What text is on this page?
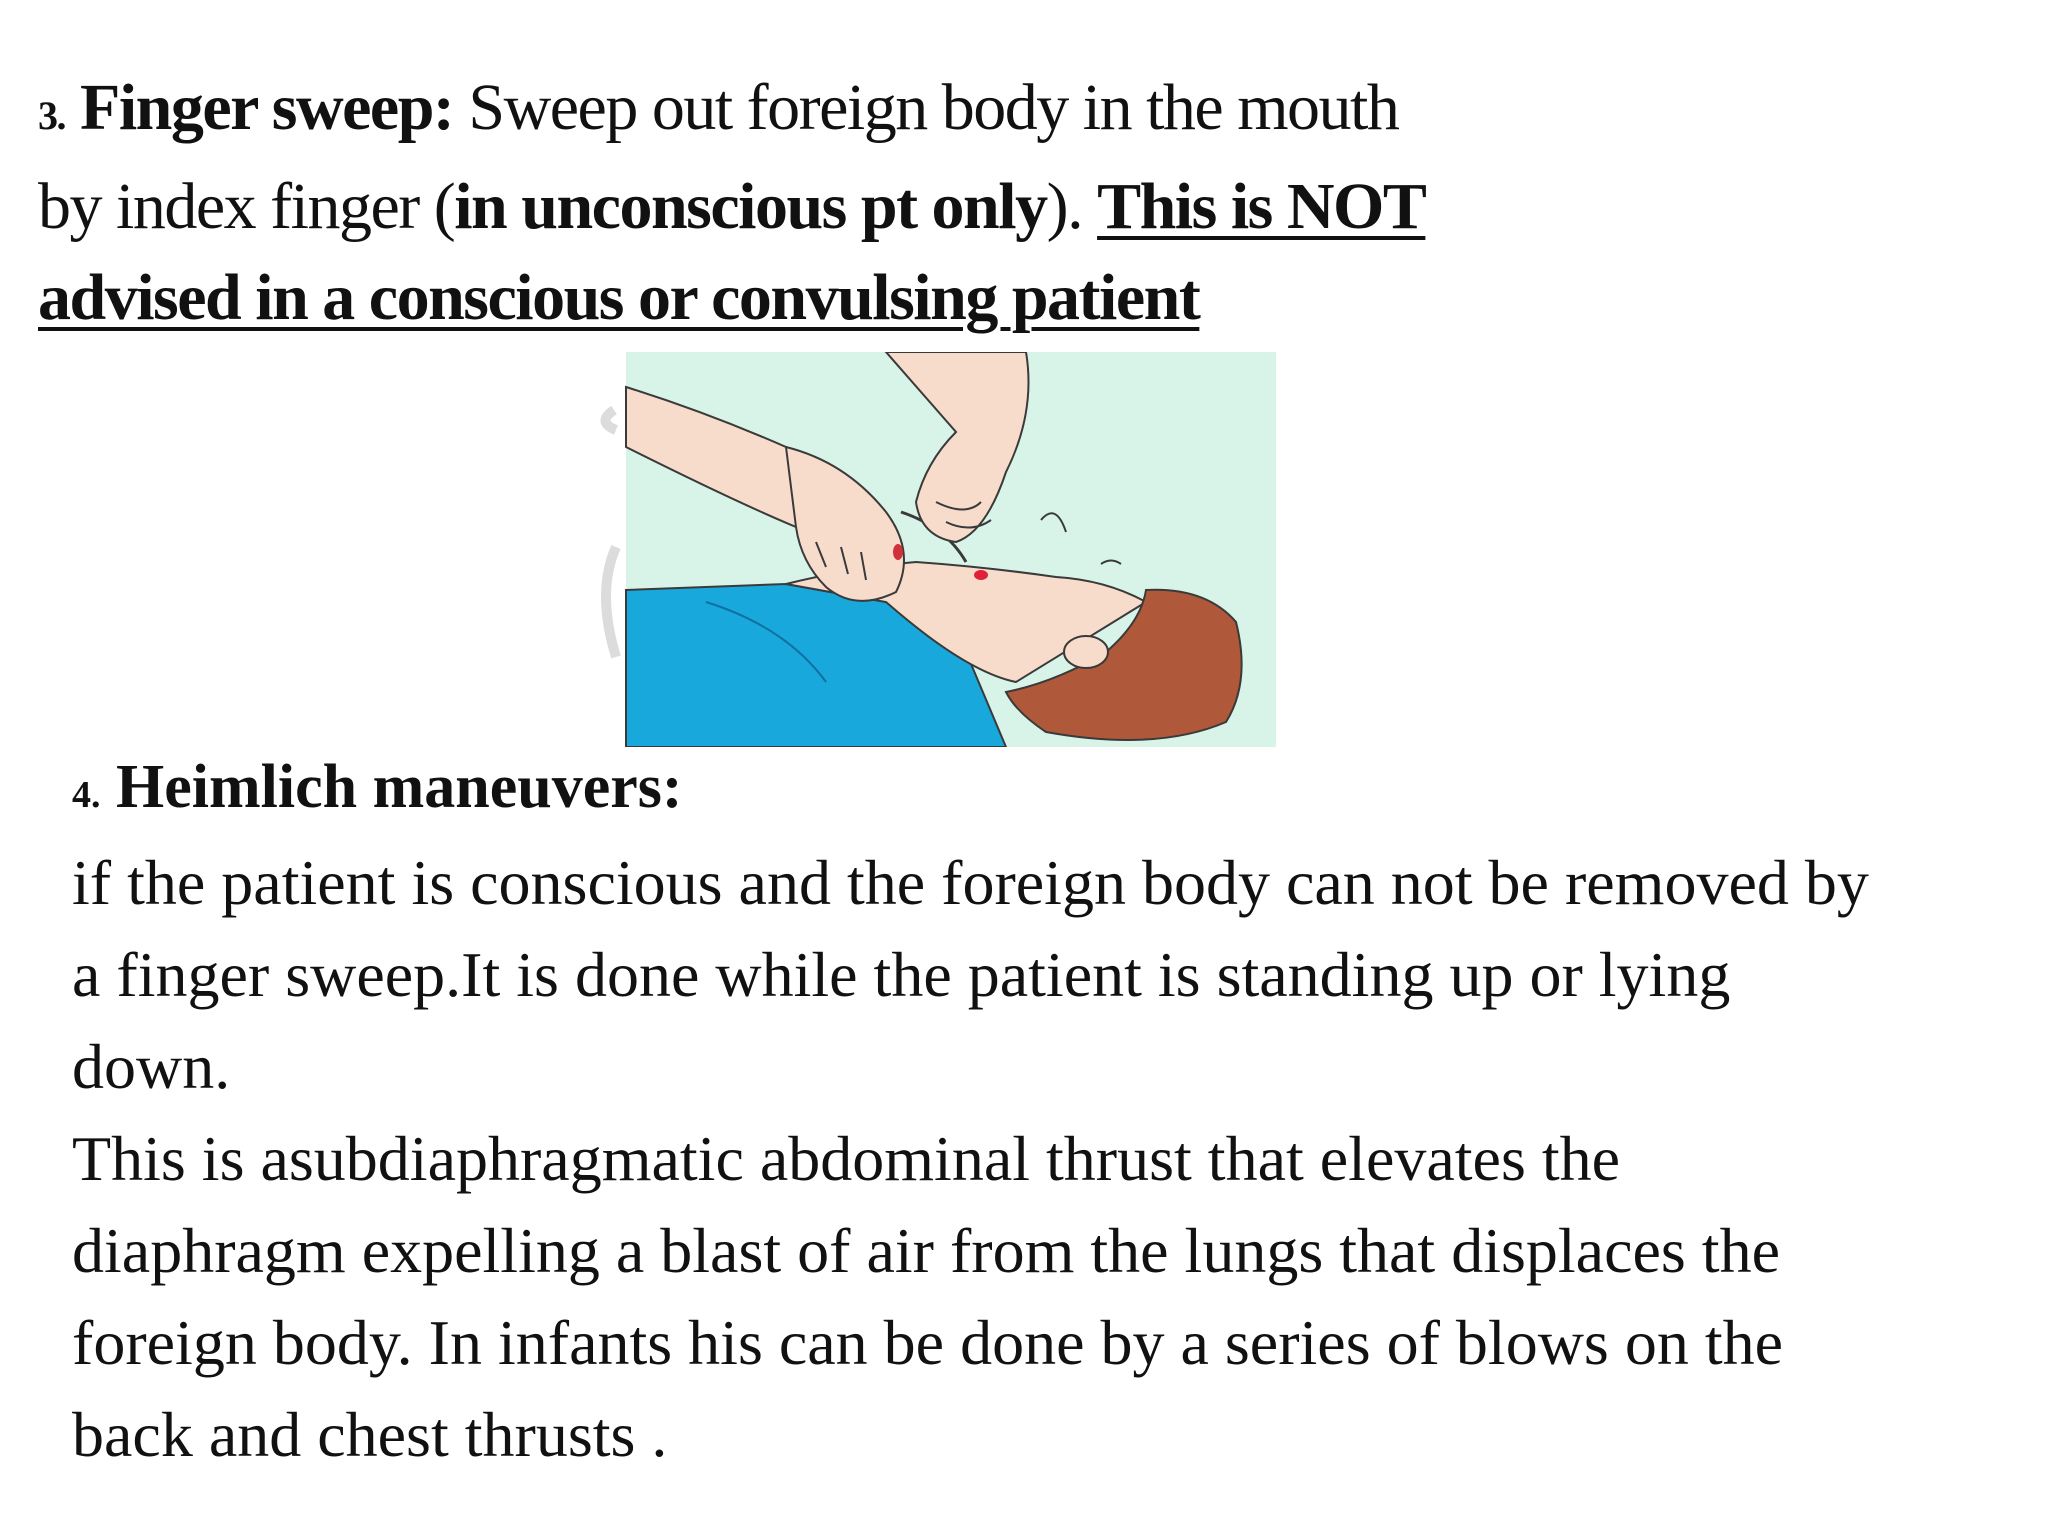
3. Finger sweep: Sweep out foreign body in the mouth
by index finger (in unconscious pt only). This is NOT
advised in a conscious or convulsing patient
4. Heimlich maneuvers:
if the patient is conscious and the foreign body can not be removed by
a finger sweep.It is done while the patient is standing up or lying
down.
This is asubdiaphragmatic abdominal thrust that elevates the
diaphragm expelling a blast of air from the lungs that displaces the
foreign body. In infants his can be done by a series of blows on the
back and chest thrusts .
